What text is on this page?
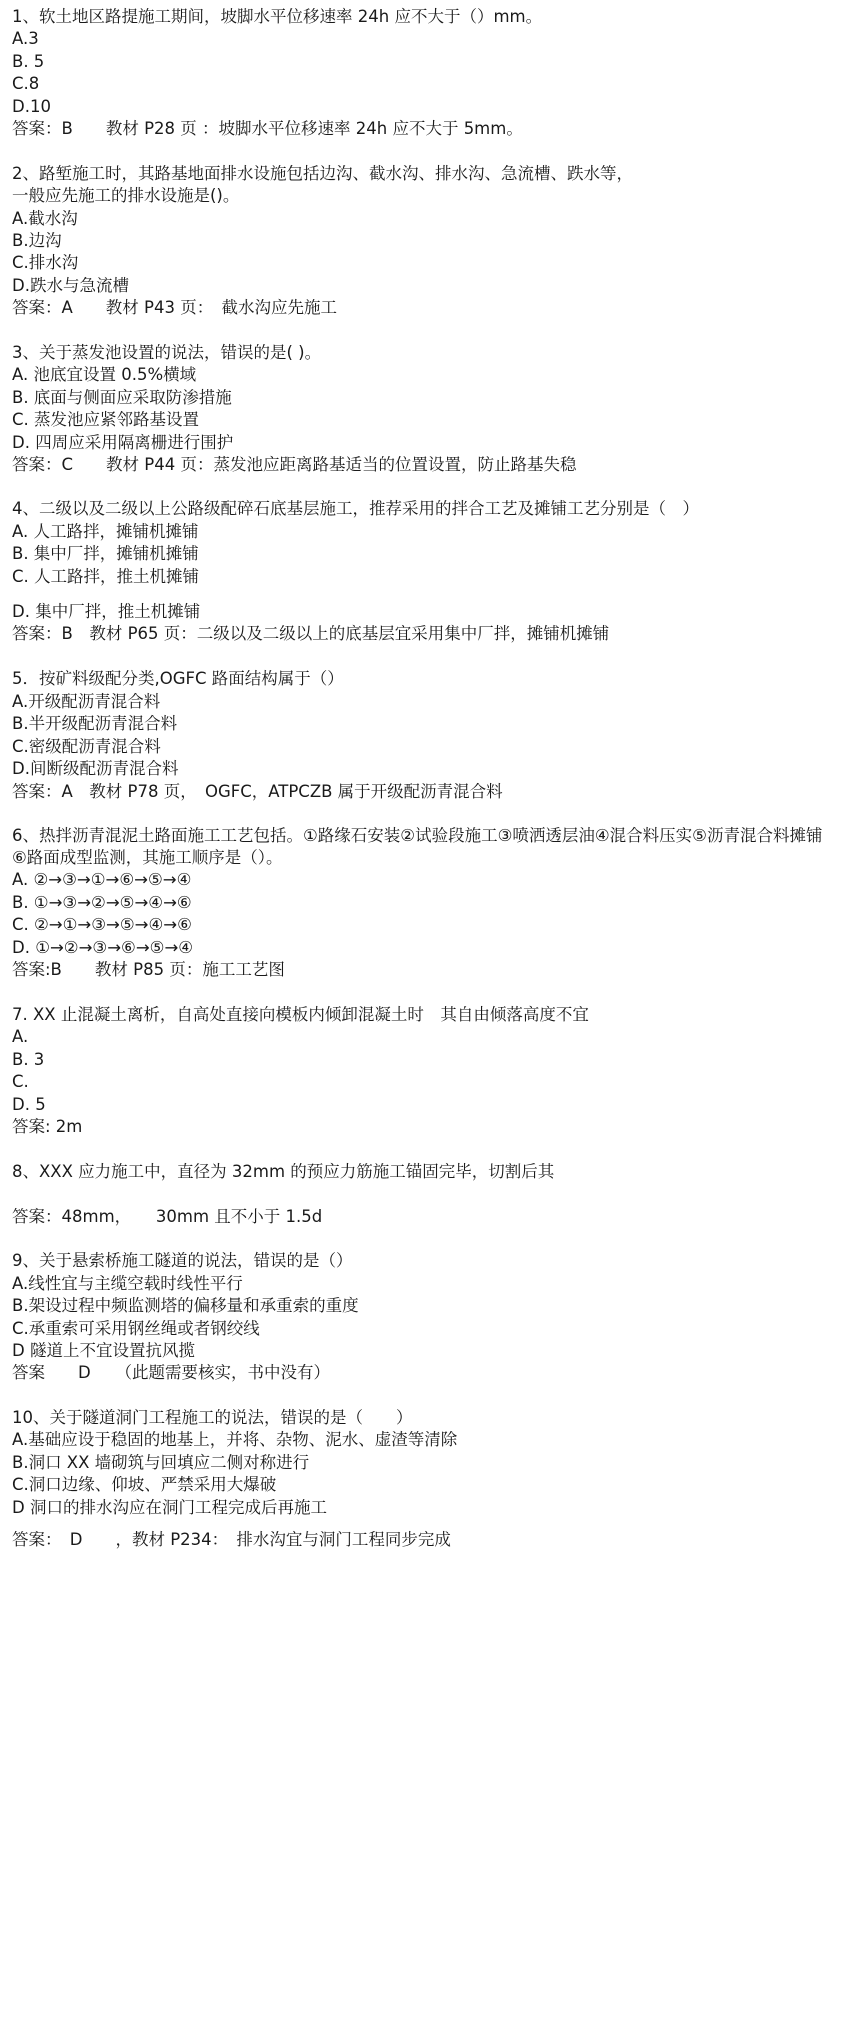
1、软土地区路提施工期间，坡脚水平位移速率 24h 应不大于（）mm。
A.3
B. 5
C.8
D.10
答案：B　　教材 P28 页 ：坡脚水平位移速率 24h 应不大于 5mm。
2、路堑施工时，其路基地面排水设施包括边沟、截水沟、排水沟、急流槽、跌水等，
一般应先施工的排水设施是()。
A.截水沟
B.边沟
C.排水沟
D.跌水与急流槽
答案：A　　教材 P43 页：　截水沟应先施工
3、关于蒸发池设置的说法，错误的是( )。
A. 池底宜设置 0.5%横域
B. 底面与侧面应采取防渗措施
C. 蒸发池应紧邻路基设置
D. 四周应采用隔离栅进行围护
答案：C　　教材 P44 页：蒸发池应距离路基适当的位置设置，防止路基失稳
4、二级以及二级以上公路级配碎石底基层施工，推荐采用的拌合工艺及摊铺工艺分别是（　）
A. 人工路拌，摊铺机摊铺
B. 集中厂拌，摊铺机摊铺
C. 人工路拌，推土机摊铺
D. 集中厂拌，推土机摊铺
答案：B　教材 P65 页：二级以及二级以上的底基层宜采用集中厂拌，摊铺机摊铺
5．按矿料级配分类,OGFC 路面结构属于（）
A.开级配沥青混合料
B.半开级配沥青混合料
C.密级配沥青混合料
D.间断级配沥青混合料
答案：A　教材 P78 页，　OGFC，ATPCZB 属于开级配沥青混合料
6、热拌沥青混泥土路面施工工艺包括。①路缘石安装②试验段施工③喷洒透层油④混合料压实⑤沥青混合料摊铺
⑥路面成型监测，其施工顺序是（）。
A. ②→③→①→⑥→⑤→④
B. ①→③→②→⑤→④→⑥
C. ②→①→③→⑤→④→⑥
D. ①→②→③→⑥→⑤→④
答案:B　　教材 P85 页：施工工艺图
7. XX 止混凝土离析，自高处直接向模板内倾卸混凝土时　其自由倾落高度不宜
A.
B. 3
C.
D. 5
答案: 2m
8、XXX 应力施工中，直径为 32mm 的预应力筋施工锚固完毕，切割后其
答案：48mm，　　30mm 且不小于 1.5d
9、关于悬索桥施工隧道的说法，错误的是（）
A.线性宜与主缆空载时线性平行
B.架设过程中频监测塔的偏移量和承重索的重度
C.承重索可采用钢丝绳或者钢绞线
D 隧道上不宜设置抗风揽
答案　　D　　（此题需要核实，书中没有）
10、关于隧道洞门工程施工的说法，错误的是（　　）
A.基础应设于稳固的地基上，并将、杂物、泥水、虚渣等清除
B.洞口 XX 墙砌筑与回填应二侧对称进行
C.洞口边缘、仰坡、严禁采用大爆破
D 洞口的排水沟应在洞门工程完成后再施工
答案：　D　　，教材 P234：　排水沟宜与洞门工程同步完成
